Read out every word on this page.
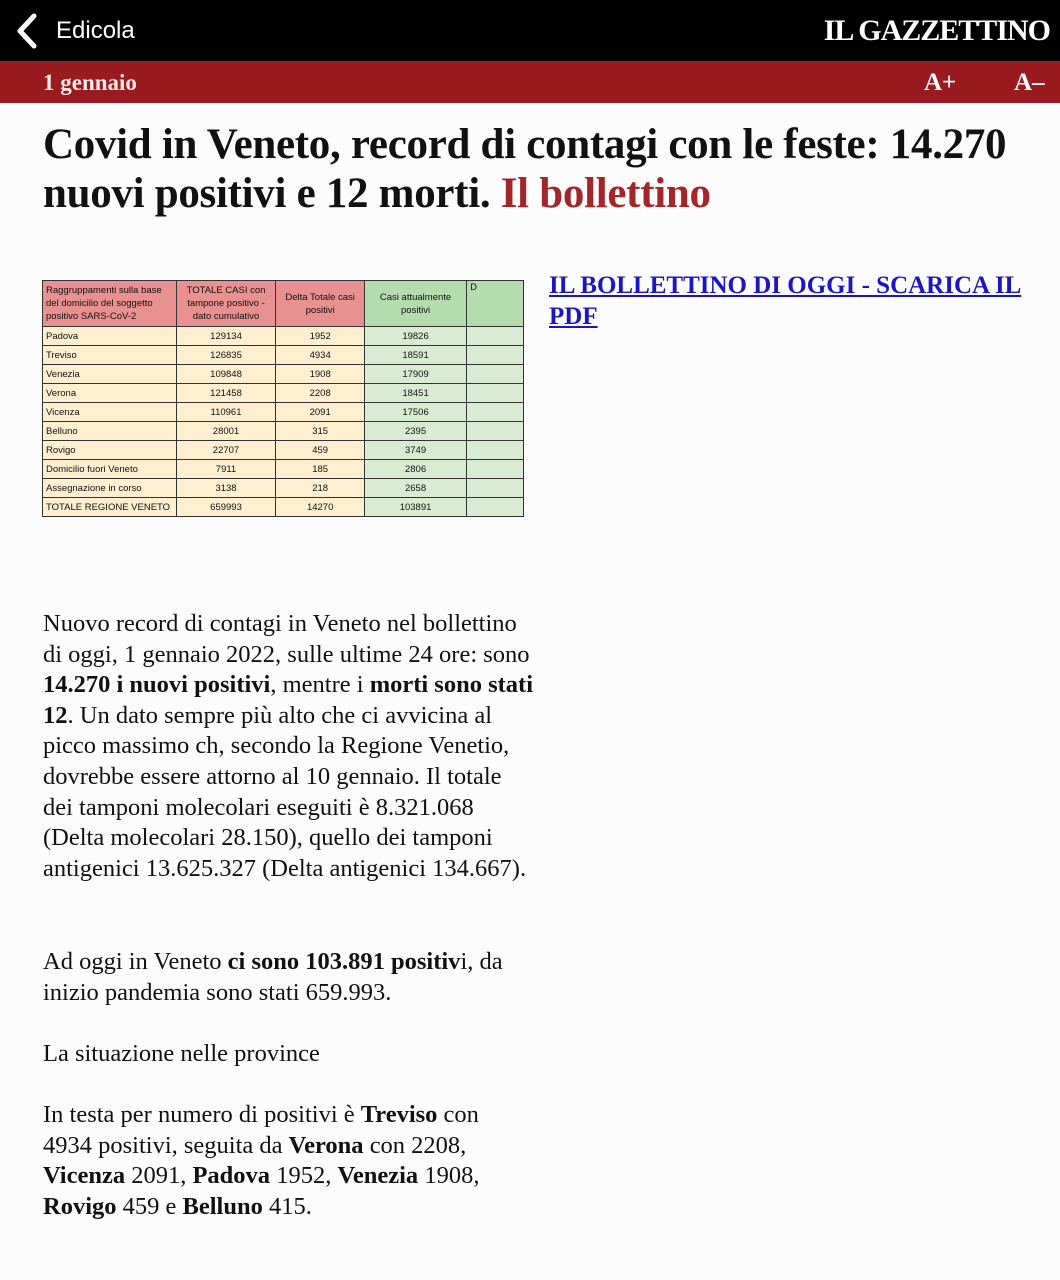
Edicola	IL GAZZETTINO
1 gennaio	A+ A–
Covid in Veneto, record di contagi con le feste: 14.270 nuovi positivi e 12 morti. Il bollettino
Raggruppamenti sulla base del domicilio del soggetto positivo SARS-CoV-2	TOTALE CASI con tampone positivo -dato cumulativo	Delta Totale casi positivi	Casi attualmente positivi	D
Padova	129134	1952	19826	
Treviso	126835	4934	18591	
Venezia	109848	1908	17909	
Verona	121458	2208	18451	
Vicenza	110961	2091	17506	
Belluno	28001	315	2395	
Rovigo	22707	459	3749	
Domicilio fuori Veneto	7911	185	2806	
Assegnazione in corso	3138	218	2658	
TOTALE REGIONE VENETO	659993	14270	103891	
IL BOLLETTINO DI OGGI - SCARICA IL PDF

Nuovo record di contagi in Veneto nel bollettino di oggi, 1 gennaio 2022, sulle ultime 24 ore: sono 14.270 i nuovi positivi, mentre i morti sono stati 12. Un dato sempre più alto che ci avvicina al picco massimo ch, secondo la Regione Venetio, dovrebbe essere attorno al 10 gennaio. Il totale dei tamponi molecolari eseguiti è 8.321.068 (Delta molecolari 28.150), quello dei tamponi antigenici 13.625.327 (Delta antigenici 134.667).

Ad oggi in Veneto ci sono 103.891 positivi, da inizio pandemia sono stati 659.993.

La situazione nelle province

In testa per numero di positivi è Treviso con 4934 positivi, seguita da Verona con 2208, Vicenza 2091, Padova 1952, Venezia 1908, Rovigo 459 e Belluno 415.
